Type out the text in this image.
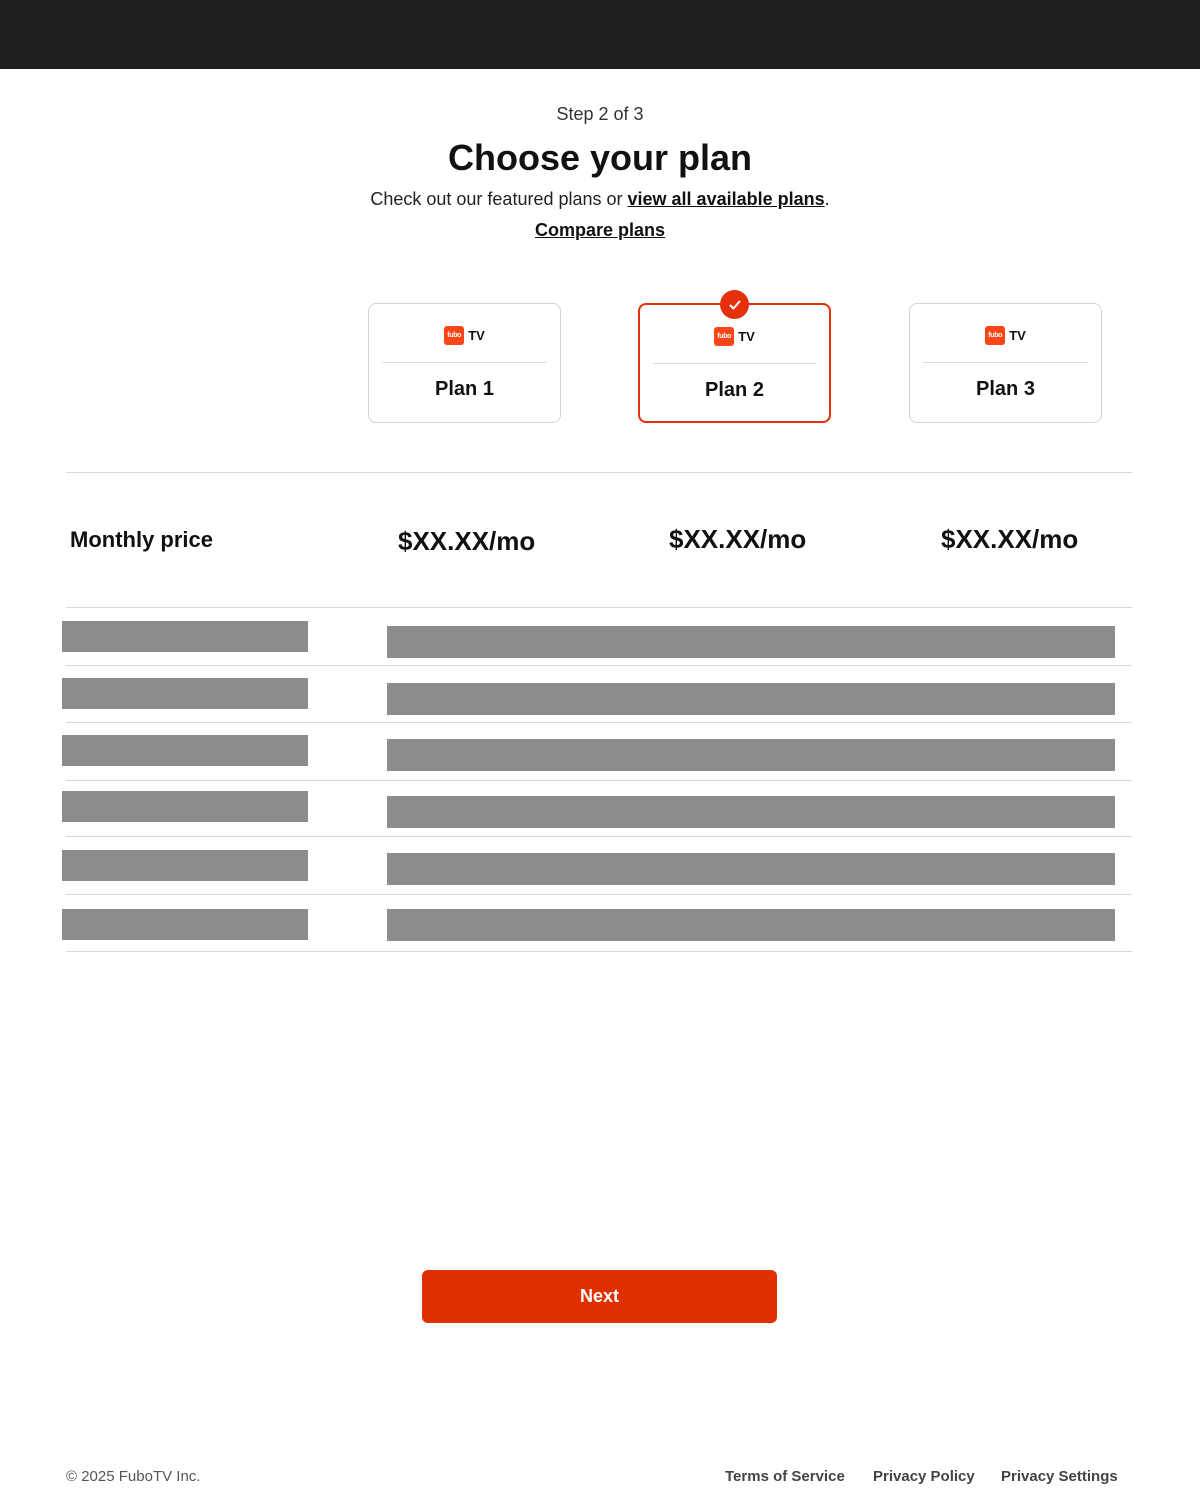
Step 2 of 3
Choose your plan

Check out our featured plans or view all available plans.

Compare plans
fubo TV
Plan 1
fubo TV
Plan 2
fubo TV
Plan 3
Monthly price	$XX.XX/mo	$XX.XX/mo	$XX.XX/mo
Next
© 2025 FuboTV Inc.	Terms of Service Privacy Policy Privacy Settings
